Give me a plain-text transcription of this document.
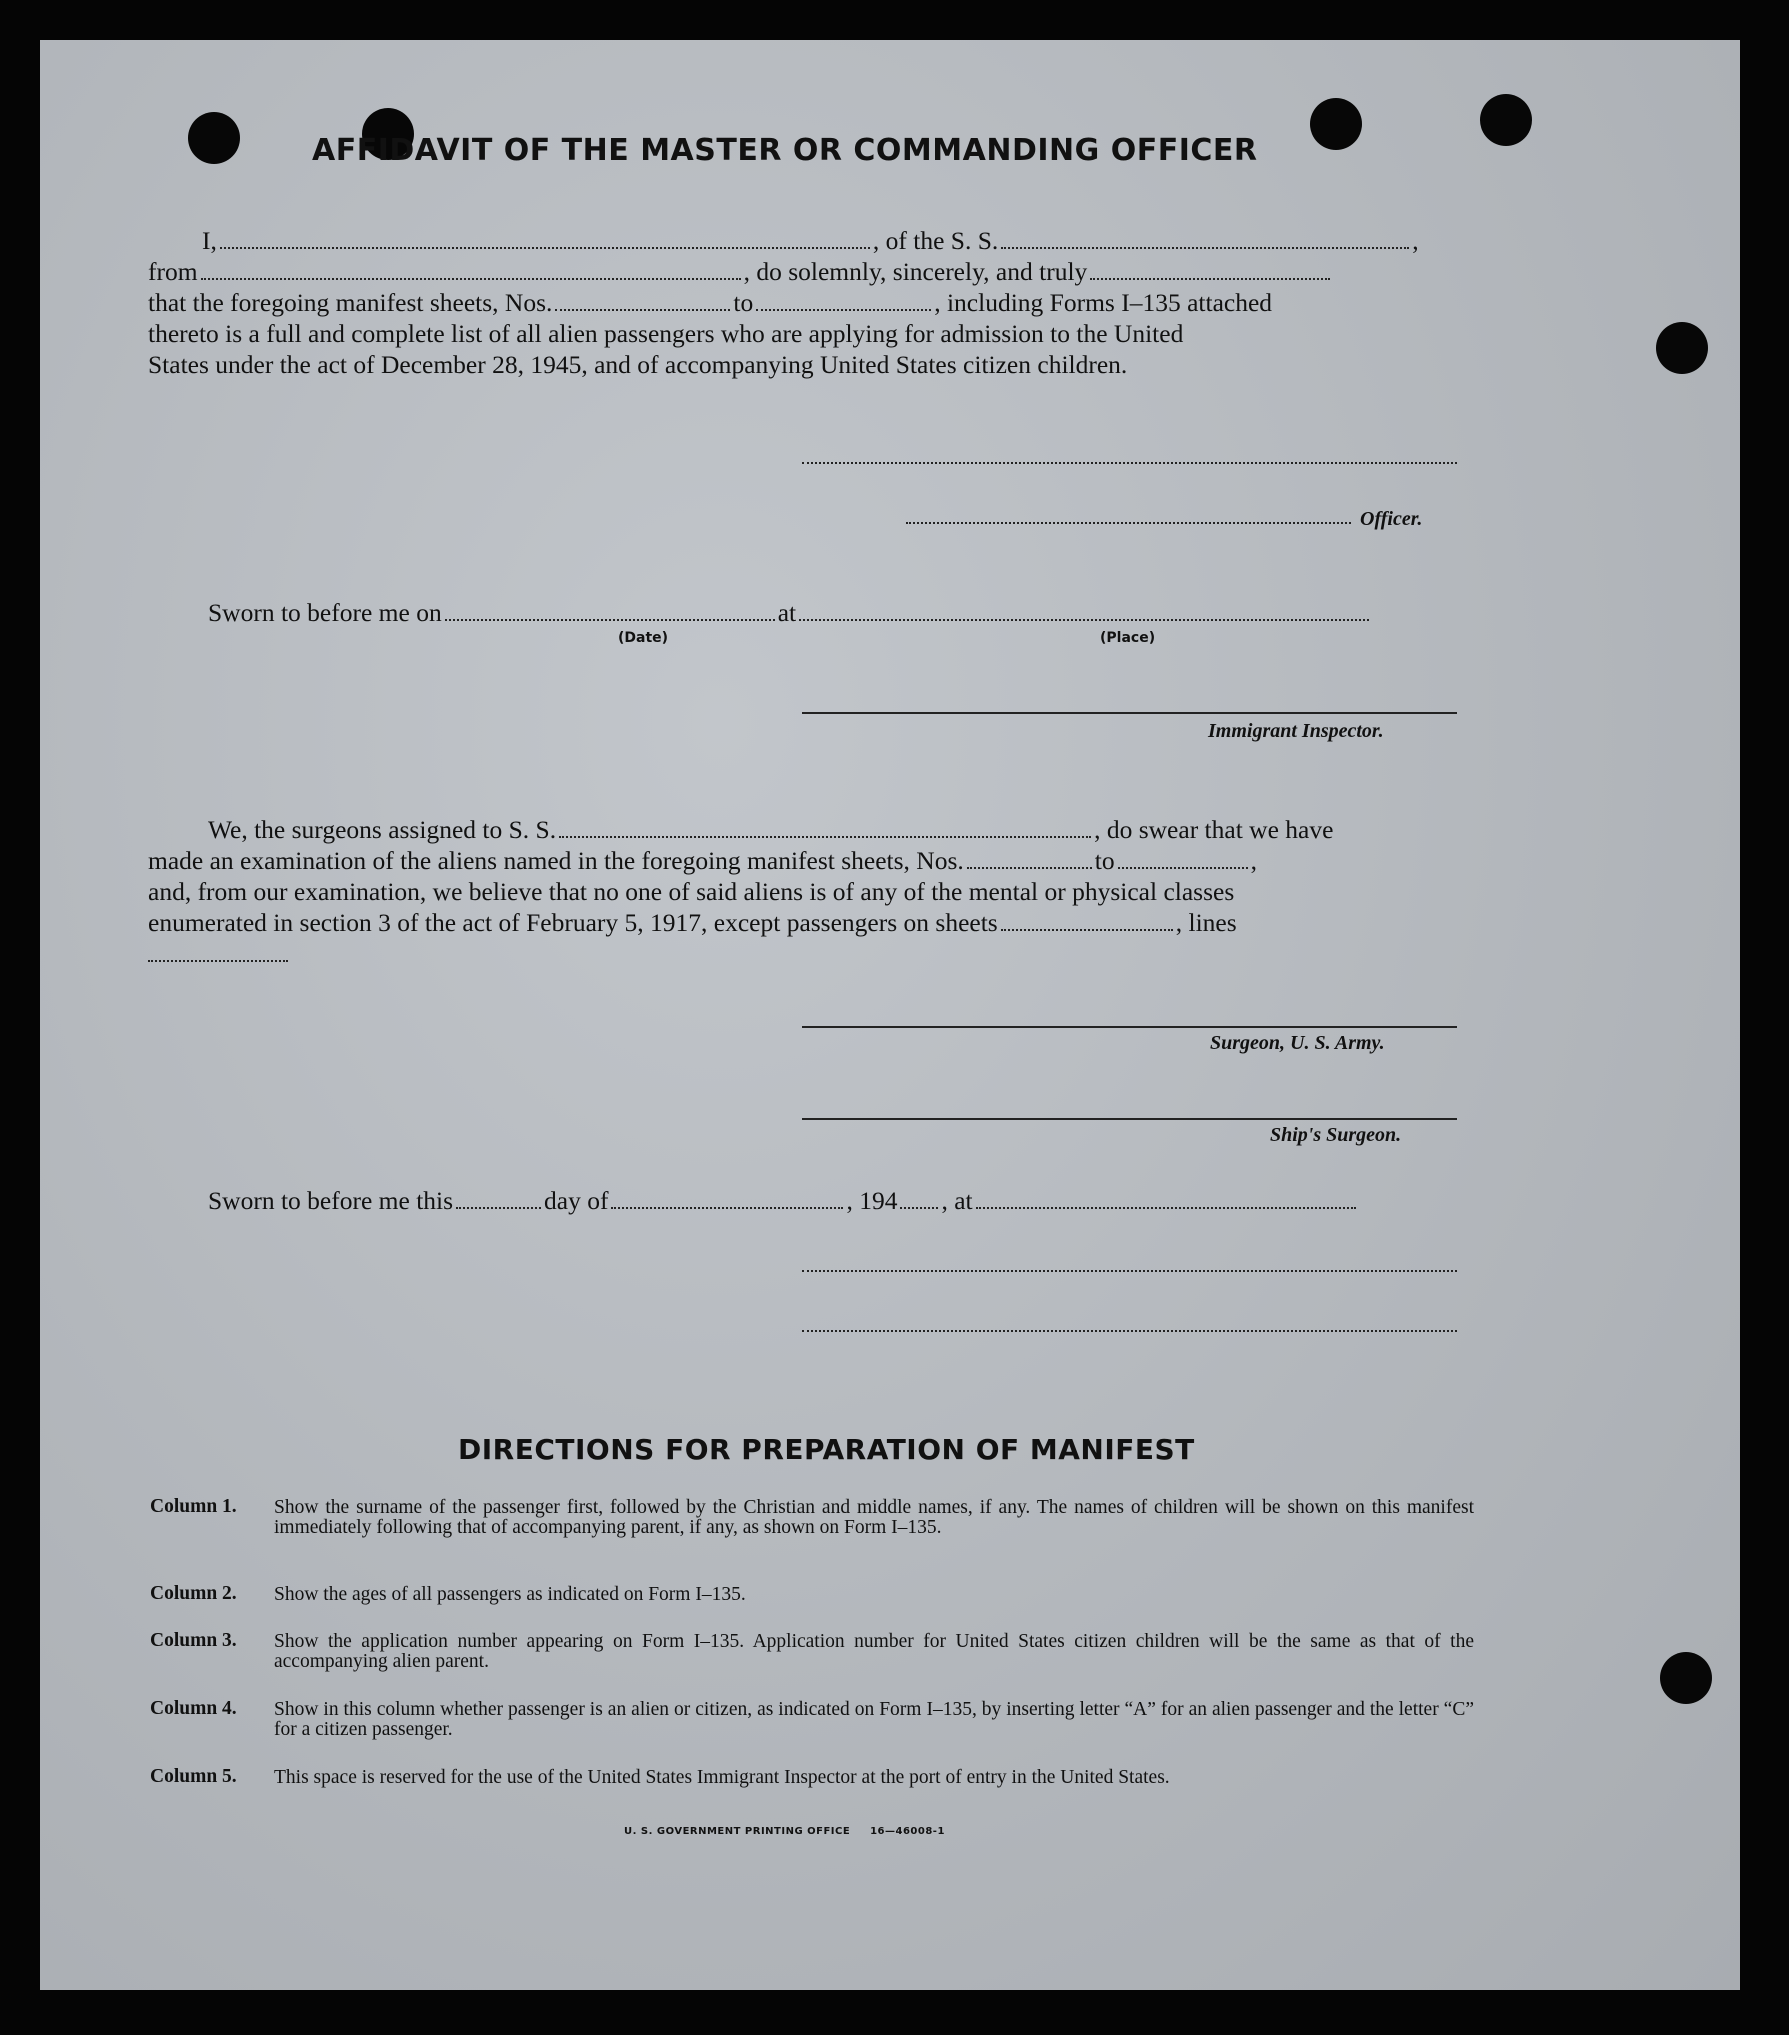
AFFIDAVIT OF THE MASTER OR COMMANDING OFFICER
I,	, of the S. S.	,
from	, do solemnly, sincerely, and truly
that the foregoing manifest sheets, Nos.	to	, including Forms I–135 attached
thereto is a full and complete list of all alien passengers who are applying for admission to the United
States under the act of December 28, 1945, and of accompanying United States citizen children.
Officer.
Sworn to before me on	at
(Date)	(Place)
Immigrant Inspector.
We, the surgeons assigned to S. S.	, do swear that we have
made an examination of the aliens named in the foregoing manifest sheets, Nos.	to	,
and, from our examination, we believe that no one of said aliens is of any of the mental or physical classes
enumerated in section 3 of the act of February 5, 1917, except passengers on sheets	, lines
Surgeon, U. S. Army.
Ship's Surgeon.
Sworn to before me this	day of	, 194 , at
DIRECTIONS FOR PREPARATION OF MANIFEST
Column 1. Show the surname of the passenger first, followed by the Christian and middle names, if any. The names of children will be shown on this manifest immediately following that of accompanying parent, if any, as shown on Form I–135.
Column 2. Show the ages of all passengers as indicated on Form I–135.
Column 3. Show the application number appearing on Form I–135. Application number for United States citizen children will be the same as that of the accompanying alien parent.
Column 4. Show in this column whether passenger is an alien or citizen, as indicated on Form I–135, by inserting letter “A” for an alien passenger and the letter “C” for a citizen passenger.
Column 5. This space is reserved for the use of the United States Immigrant Inspector at the port of entry in the United States.
U. S. GOVERNMENT PRINTING OFFICE     16—46008-1
